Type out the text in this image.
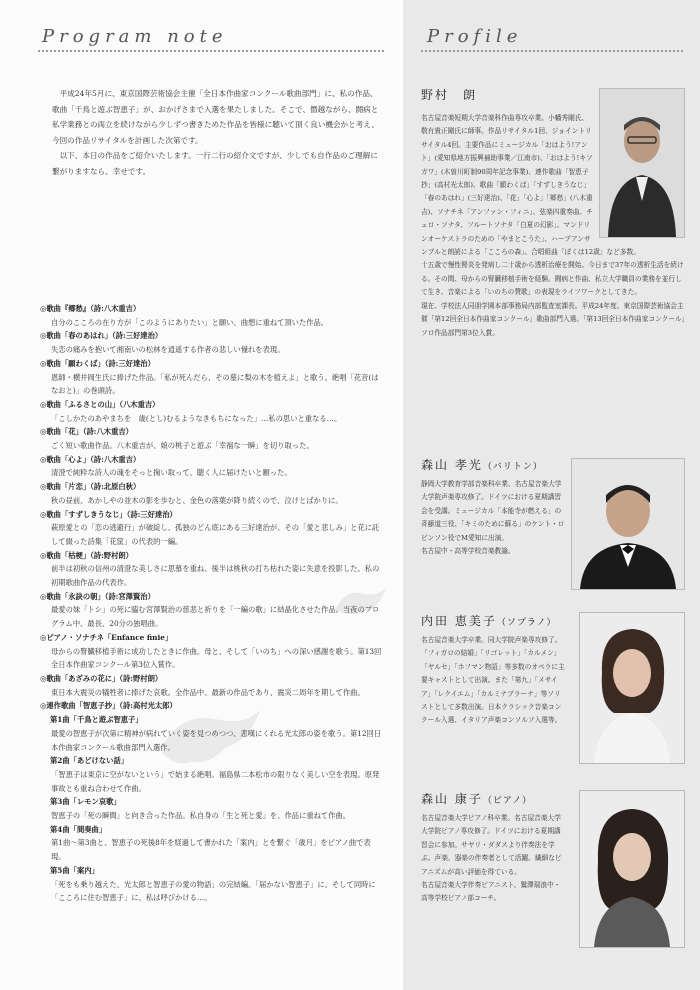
Program note

平成24年5月に、東京国際芸術協会主催「全日本作曲家コンクール歌曲部門」に、私の作品、歌曲「千鳥と遊ぶ智恵子」が、おかげさまで入選を果たしました。そこで、僭越ながら、闘病と私学業務との両立を続けながら少しずつ書きためた作品を皆様に聴いて頂く良い機会かと考え、今回の作品リサイタルを計画した次第です。

以下、本日の作品をご紹介いたします。一行二行の紹介文ですが、少しでも自作品のご理解に繋がりますなら、幸せです。

◎歌曲『郷愁』（詩:八木重吉）
自分のこころの在り方が「このようにありたい」と願い、曲想に重ねて頂いた作品。
◎歌曲「春のあはれ」（詩:三好達治）
失恋の痛みを抱いて湘南いの松林を逍遥する作者の悲しい憧れを表現。
◎歌曲「願わくば」（詩:三好達治）
恩師・横井岡生氏に捧げた作品。「私が死んだら、その墓に梨の木を植えよ」と歌う。絶唱「花音(はなおと)」の巻頭詩。
◎歌曲「ふるさとの山」（八木重吉）
「こしかたのあやまちを　歳(とし)むるようなきもちになった」…私の思いと重なる…。
◎歌曲「花」（詩:八木重吉）
ごく短い歌曲作品。八木重吉が、娘の桃子と遊ぶ「幸福な一瞬」を切り取った。
◎歌曲「心よ」（詩:八木重吉）
清澄で純粋な詩人の魂をそっと掬い取って、聴く人に届けたいと願った。
◎歌曲「片恋」（詩:北原白秋）
秋の昼前、あかしやの並木の影を歩むと、金色の落葉が降り続くので、泣けとばかりに。
◎歌曲「すずしきうなじ」（詩:三好達治）
萩原愛との「恋の逃避行」が破綻し、孤独のどん底にある三好達治が、その「愛と悲しみ」と花に託して綴った詩集「花筐」の代表的一編。
◎歌曲「枯梗」（詩:野村朗）
前半は初秋の信州の清澄な美しさに思慕を重ね、後半は桃秋の打ち枯れた姿に失意を投影した。私の初期歌曲作品の代表作。
◎歌曲「永訣の朝」（詩:宮澤賢治）
最愛の妹「トシ」の死に臨む宮澤賢治の慈悲と祈りを「一編の歌」に結晶化させた作品。当夜のプログラム中、最長、20分の独唱曲。
◎ピアノ・ソナチネ「Enfance finie」
母からの腎臓移植手術に成功したときに作曲。母と、そして「いのち」への深い感謝を歌う。第13回全日本作曲家コンクール第3位入賞作。
◎歌曲「あざみの花に」（詩:野村朗）
東日本大震災の犠牲者に捧げた哀歌。全作品中、最新の作品であり、震災二周年を期して作曲。
◎連作歌曲「智恵子抄」（詩:高村光太郎）
第1曲「千鳥と遊ぶ智恵子」
最愛の智恵子が次第に精神が病れていく姿を見つめつつ、悲嘆にくれる光太郎の姿を歌う。第12回日本作曲家コンクール歌曲部門入選作。
第2曲「あどけない話」
「智恵子は東京に空がないという」で始まる絶唱。福島県二本松市の限りなく美しい空を表現。原発事故とも重ね合わせて作曲。
第3曲「レモン哀歌」
智恵子の「死の瞬間」と向き合った作品。私自身の「生と死と愛」を、作品に重ねて作曲。
第4曲「間奏曲」
第1曲〜第3曲と、智恵子の死後8年を経過して書かれた「案内」とを繋ぐ「歳月」をピアノ曲で表現。
第5曲「案内」
「死をも乗り越えた、光太郎と智恵子の愛の物語」の完結編。「届かない智恵子」に、そして同時に「こころに住む智恵子」に、私は呼びかける…。
Profile
野村　朗
名古屋音楽短期大学音楽科作曲専攻卒業。小幡秀剛氏、敬有貴正剛氏に師事。作品リサイタル1回、ジョイントリサイタル4回。主要作品にミュージカル「おはよう!アント」(愛知県地方振興補助事業／江南市)、「おはよう!キソガワ」(木曽川町制90周年記念事業)、連作歌曲「智恵子抄」(高村光太郎)、歌曲「願わくば」「すずしきうなじ」「春のあはれ」(三好達治)、「花」「心よ」「郷愁」(八木重吉)、ソナチネ「アンファン・フィニ」、弦楽四重奏曲、チェロ・ソナタ、フルートソナタ「白夏の幻影」、マンドリンオーケストラのための「やまとこうた」、ハープアンサンブルと朗読による「こころの森」、合唱組曲「ぼくは12歳」など多数。
十五歳で慢性腎炎を発病し二十歳から透析治療を開始。今日まで37年の透析生活を続ける。その間、母からの腎臓移植手術を経験。闘病と作曲、私立大学職員の業務を並行して生き、音楽による「いのちの賛歌」の表現をライフワークとしてきた。
現在、学校法人同朋学園本部事務局内部監査室課長。平成24年度、東京国際芸術協会主催「第12回全日本作曲家コンクール」歌曲部門入選。「第13回全日本作曲家コンクール」ソロ作品部門第3位入賞。
森山 孝光（バリトン）
静岡大学教育学部音楽科卒業、名古屋音楽大学大学院声楽専攻修了。ドイツにおける夏期講習会を受講。ミュージカル「本能寺が燃える」の斉藤道三役、「キミのために蘇る」のケント・ロビンソン役でM愛知に出演。
名古屋中・高等学校音楽教諭。
内田 恵美子（ソプラノ）
名古屋音楽大学卒業。同大学院声楽専攻修了。「フィガロの結婚」「リゴレット」「カルメン」「ヤルセ」「ホフマン物語」等多数のオペラに主要キャストとして出演。また「第九」「メサイア」「レクイエム」「カルミナブラーナ」等ソリストとして多数出演。日本クラシック音楽コンクール入選、イタリア声楽コンソルソ入選等。
森山 康子（ピアノ）
名古屋音楽大学ピアノ科卒業。名古屋音楽大学大学院ピアノ専攻修了。ドイツにおける夏期講習会に参加。サヤリ・ダダスより伴奏法を学ぶ。声楽、器楽の伴奏者として活躍。繊細なピアニズムが高い評価を得ている。
名古屋音楽大学伴奏ピアニスト、鷲澤瑞浪中・高等学校ピアノ部コーチ。
